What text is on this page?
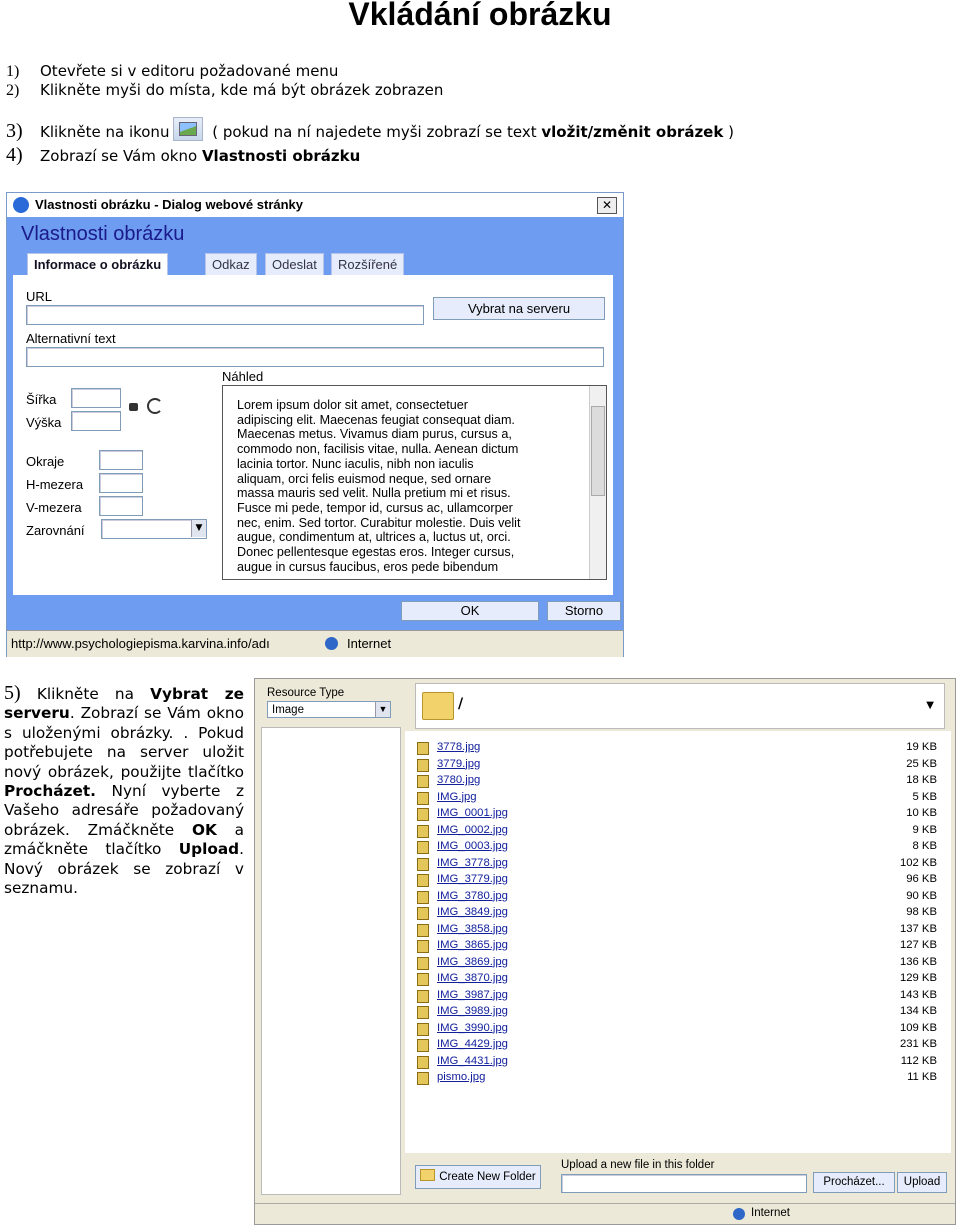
Vkládání obrázku
1) Otevřete si v editoru požadované menu
2) Klikněte myši do místa, kde má být obrázek zobrazen
3) Klikněte na ikonu	( pokud na ní najedete myši zobrazí se text vložit/změnit obrázek )
4) Zobrazí se Vám okno Vlastnosti obrázku
Vlastnosti obrázku - Dialog webové stránky	✕
Vlastnosti obrázku
Informace o obrázku	Odkaz	Odeslat	Rozšířené
URL
Vybrat na serveru
Alternativní text
Šířka
Výška
Okraje
H-mezera
V-mezera
Zarovnání	▼
Náhled
Lorem ipsum dolor sit amet, consectetuer
adipiscing elit. Maecenas feugiat consequat diam.
Maecenas metus. Vivamus diam purus, cursus a,
commodo non, facilisis vitae, nulla. Aenean dictum
lacinia tortor. Nunc iaculis, nibh non iaculis
aliquam, orci felis euismod neque, sed ornare
massa mauris sed velit. Nulla pretium mi et risus.
Fusce mi pede, tempor id, cursus ac, ullamcorper
nec, enim. Sed tortor. Curabitur molestie. Duis velit
augue, condimentum at, ultrices a, luctus ut, orci.
Donec pellentesque egestas eros. Integer cursus,
augue in cursus faucibus, eros pede bibendum
OK	Storno
http://www.psychologiepisma.karvina.info/adı	Internet
5) Klikněte na Vybrat ze serveru. Zobrazí se Vám okno s uloženými obrázky. . Pokud potřebujete na server uložit nový obrázek, použijte tlačítko Procházet. Nyní vyberte z Vašeho adresáře požadovaný obrázek. Zmáčkněte OK a zmáčkněte tlačítko Upload. Nový obrázek se zobrazí v seznamu.
Resource Type
Image	▼	/	▼
3778.jpg	19 KB
3779.jpg	25 KB
3780.jpg	18 KB
IMG.jpg	5 KB
IMG_0001.jpg	10 KB
IMG_0002.jpg	9 KB
IMG_0003.jpg	8 KB
IMG_3778.jpg	102 KB
IMG_3779.jpg	96 KB
IMG_3780.jpg	90 KB
IMG_3849.jpg	98 KB
IMG_3858.jpg	137 KB
IMG_3865.jpg	127 KB
IMG_3869.jpg	136 KB
IMG_3870.jpg	129 KB
IMG_3987.jpg	143 KB
IMG_3989.jpg	134 KB
IMG_3990.jpg	109 KB
IMG_4429.jpg	231 KB
IMG_4431.jpg	112 KB
pismo.jpg	11 KB
Create New Folder
Upload a new file in this folder
Procházet...	Upload
Internet
